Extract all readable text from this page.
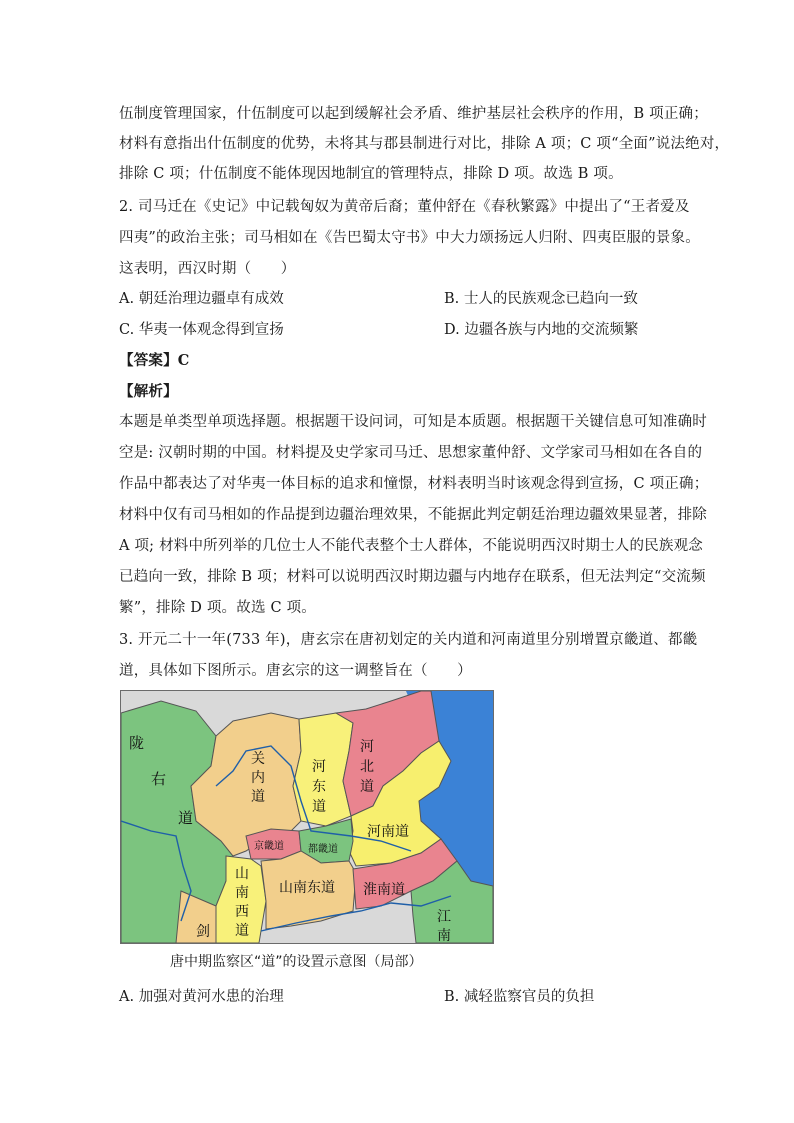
伍制度管理国家，什伍制度可以起到缓解社会矛盾、维护基层社会秩序的作用，B 项正确；
材料有意指出什伍制度的优势，未将其与郡县制进行对比，排除 A 项；C 项“全面”说法绝对，
排除 C 项；什伍制度不能体现因地制宜的管理特点，排除 D 项。故选 B 项。
2. 司马迁在《史记》中记载匈奴为黄帝后裔；董仲舒在《春秋繁露》中提出了“王者爱及
四夷”的政治主张；司马相如在《告巴蜀太守书》中大力颂扬远人归附、四夷臣服的景象。
这表明，西汉时期（　　）
A. 朝廷治理边疆卓有成效	B. 士人的民族观念已趋向一致
C. 华夷一体观念得到宣扬	D. 边疆各族与内地的交流频繁
【答案】C
【解析】
本题是单类型单项选择题。根据题干设问词，可知是本质题。根据题干关键信息可知准确时
空是: 汉朝时期的中国。材料提及史学家司马迁、思想家董仲舒、文学家司马相如在各自的
作品中都表达了对华夷一体目标的追求和憧憬，材料表明当时该观念得到宣扬，C 项正确；
材料中仅有司马相如的作品提到边疆治理效果，不能据此判定朝廷治理边疆效果显著，排除
A 项; 材料中所列举的几位士人不能代表整个士人群体，不能说明西汉时期士人的民族观念
已趋向一致，排除 B 项；材料可以说明西汉时期边疆与内地存在联系，但无法判定“交流频
繁”，排除 D 项。故选 C 项。
3. 开元二十一年(733 年)，唐玄宗在唐初划定的关内道和河南道里分别增置京畿道、都畿
道，具体如下图所示。唐玄宗的这一调整旨在（　　）
陇
右
道
关
内
道
河
东
道
河
北
道
河南道
京畿道 都畿道
山
南
西
道
山南东道 淮南道
剑
江
南
唐中期监察区“道”的设置示意图（局部）
A. 加强对黄河水患的治理	B. 减轻监察官员的负担
